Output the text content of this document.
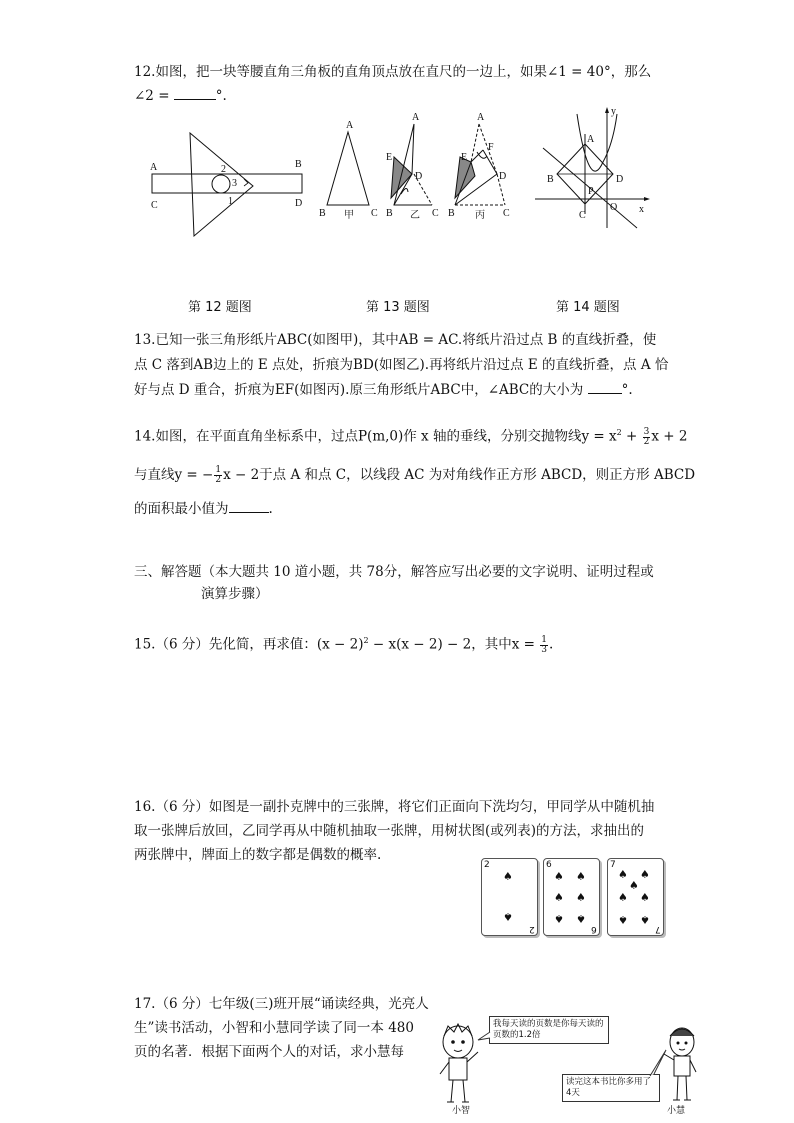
12.如图，把一块等腰直角三角板的直角顶点放在直尺的一边上，如果∠1 = 40°，那么
∠2 =	°.
A	B
C	D
2
3
1
A
B	C
甲
A
B	C
D
E
乙
A
B	C
D
E
F
丙
y
x
A
B
C
D
P
O
第 12 题图	第 13 题图	第 14 题图
13.已知一张三角形纸片ABC(如图甲)，其中AB = AC.将纸片沿过点 B 的直线折叠，使
点 C 落到AB边上的 E 点处，折痕为BD(如图乙).再将纸片沿过点 E 的直线折叠，点 A 恰
好与点 D 重合，折痕为EF(如图丙).原三角形纸片ABC中，∠ABC的大小为	°.
14.如图，在平面直角坐标系中，过点P(m,0)作 x 轴的垂线，分别交抛物线$y = x^2 + \frac{3}{2}$ x + 2
与直线y = − $\frac{1}{2}$ x − 2于点 A 和点 C，以线段 AC 为对角线作正方形 ABCD，则正方形 ABCD
的面积最小值为	.
三、解答题（本大题共 10 道小题，共 78分，解答应写出必要的文字说明、证明过程或
演算步骤）
15.（6 分）先化简，再求值：$(x - 2)^2 - x(x - 2) - 2$，其中$x = \frac{1}{3}$ .
16.（6 分）如图是一副扑克牌中的三张牌，将它们正面向下洗均匀，甲同学从中随机抽
取一张牌后放回，乙同学再从中随机抽取一张牌，用树状图(或列表)的方法，求抽出的
两张牌中，牌面上的数字都是偶数的概率.
2
♠
♠
2
6
♠ ♠
♠ ♠
♠ ♠
6
7
♠ ♠
♠
♠ ♠
♠ ♠
7
17.（6 分）七年级(三)班开展“诵读经典，光亮人
生”读书活动，小智和小慧同学读了同一本 480
页的名著．根据下面两个人的对话，求小慧每
我每天读的页数是你每天读的页数的1.2倍
小智
读完这本书比你多用了4天
小慧
